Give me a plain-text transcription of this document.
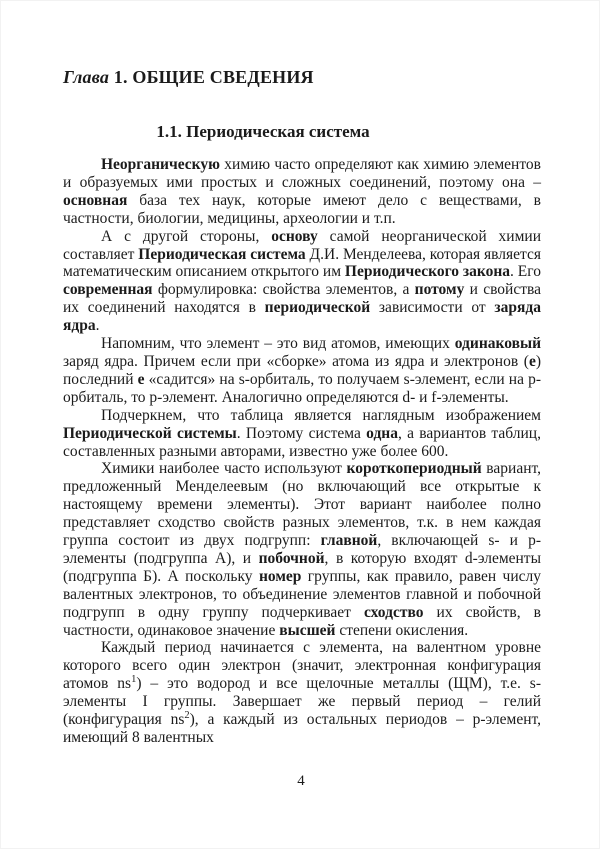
Глава 1. ОБЩИЕ СВЕДЕНИЯ
1.1. Периодическая система

Неорганическую химию часто определяют как химию элементов и образуемых ими простых и сложных соединений, поэтому она – основная база тех наук, которые имеют дело с веществами, в частности, биологии, медицины, археологии и т.п.

А с другой стороны, основу самой неорганической химии составляет Периодическая система Д.И. Менделеева, которая является математическим описанием открытого им Периодического закона. Его современная формулировка: свойства элементов, а потому и свойства их соединений находятся в периодической зависимости от заряда ядра.

Напомним, что элемент – это вид атомов, имеющих одинаковый заряд ядра. Причем если при «сборке» атома из ядра и электронов (е) последний е «садится» на s-орбиталь, то получаем s-элемент, если на p-орбиталь, то p-элемент. Аналогично определяются d- и f-элементы.

Подчеркнем, что таблица является наглядным изображением Периодической системы. Поэтому система одна, а вариантов таблиц, составленных разными авторами, известно уже более 600.

Химики наиболее часто используют короткопериодный вариант, предложенный Менделеевым (но включающий все открытые к настоящему времени элементы). Этот вариант наиболее полно представляет сходство свойств разных элементов, т.к. в нем каждая группа состоит из двух подгрупп: главной, включающей s- и p-элементы (подгруппа А), и побочной, в которую входят d-элементы (подгруппа Б). А поскольку номер группы, как правило, равен числу валентных электронов, то объединение элементов главной и побочной подгрупп в одну группу подчеркивает сходство их свойств, в частности, одинаковое значение высшей степени окисления.

Каждый период начинается с элемента, на валентном уровне которого всего один электрон (значит, электронная конфигурация атомов $ns^1$) – это водород и все щелочные металлы (ЩМ), т.е. s-элементы I группы. Завершает же первый период – гелий (конфигурация $ns^2$), а каждый из остальных периодов – p-элемент, имеющий 8 валентных

4
